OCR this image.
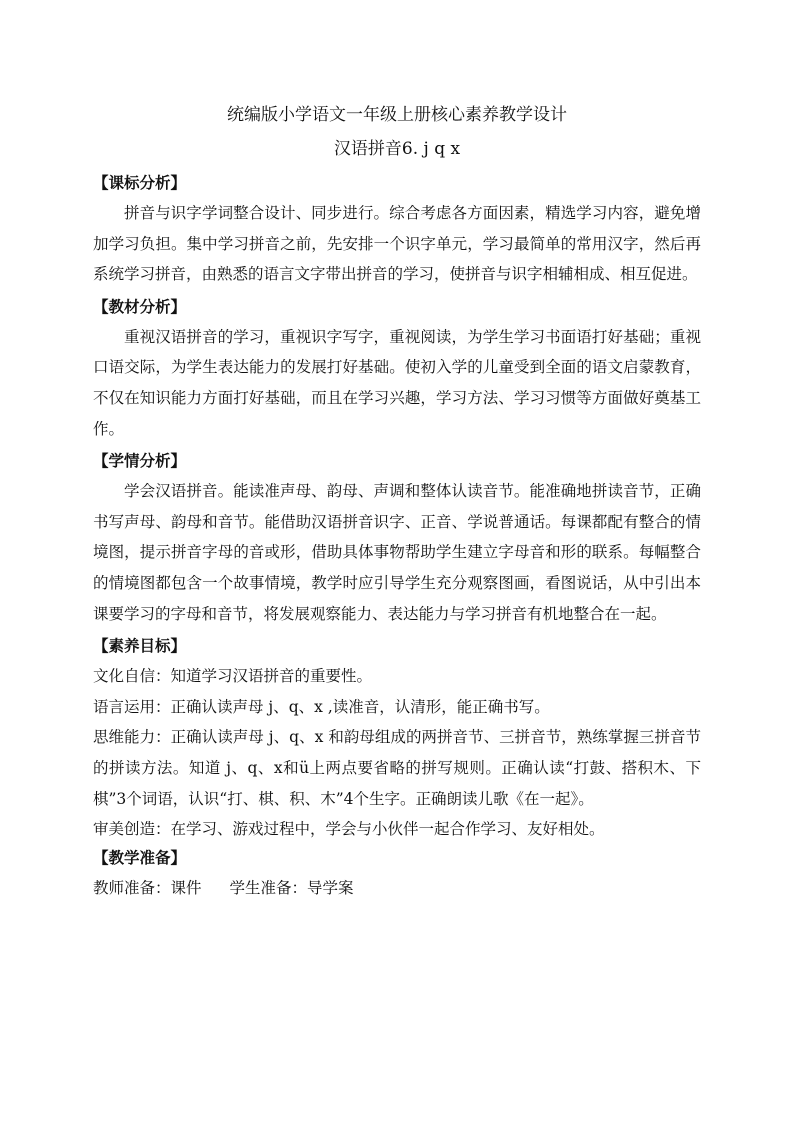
统编版小学语文一年级上册核心素养教学设计

汉语拼音6. j q x

【课标分析】

拼音与识字学词整合设计、同步进行。综合考虑各方面因素，精选学习内容，避免增加学习负担。集中学习拼音之前，先安排一个识字单元，学习最简单的常用汉字，然后再系统学习拼音，由熟悉的语言文字带出拼音的学习，使拼音与识字相辅相成、相互促进。

【教材分析】

重视汉语拼音的学习，重视识字写字，重视阅读，为学生学习书面语打好基础；重视口语交际，为学生表达能力的发展打好基础。使初入学的儿童受到全面的语文启蒙教育，不仅在知识能力方面打好基础，而且在学习兴趣，学习方法、学习习惯等方面做好奠基工作。

【学情分析】

学会汉语拼音。能读准声母、韵母、声调和整体认读音节。能准确地拼读音节，正确书写声母、韵母和音节。能借助汉语拼音识字、正音、学说普通话。每课都配有整合的情境图，提示拼音字母的音或形，借助具体事物帮助学生建立字母音和形的联系。每幅整合的情境图都包含一个故事情境，教学时应引导学生充分观察图画，看图说话，从中引出本课要学习的字母和音节，将发展观察能力、表达能力与学习拼音有机地整合在一起。

【素养目标】

文化自信：知道学习汉语拼音的重要性。

语言运用：正确认读声母 j、q、x ,读准音，认清形，能正确书写。

思维能力：正确认读声母 j、q、x 和韵母组成的两拼音节、三拼音节，熟练掌握三拼音节的拼读方法。知道 j、q、x和ü上两点要省略的拼写规则。正确认读“打鼓、搭积木、下棋”3个词语，认识“打、棋、积、木”4个生字。正确朗读儿歌《在一起》。

审美创造：在学习、游戏过程中，学会与小伙伴一起合作学习、友好相处。

【教学准备】

教师准备：课件 学生准备：导学案
